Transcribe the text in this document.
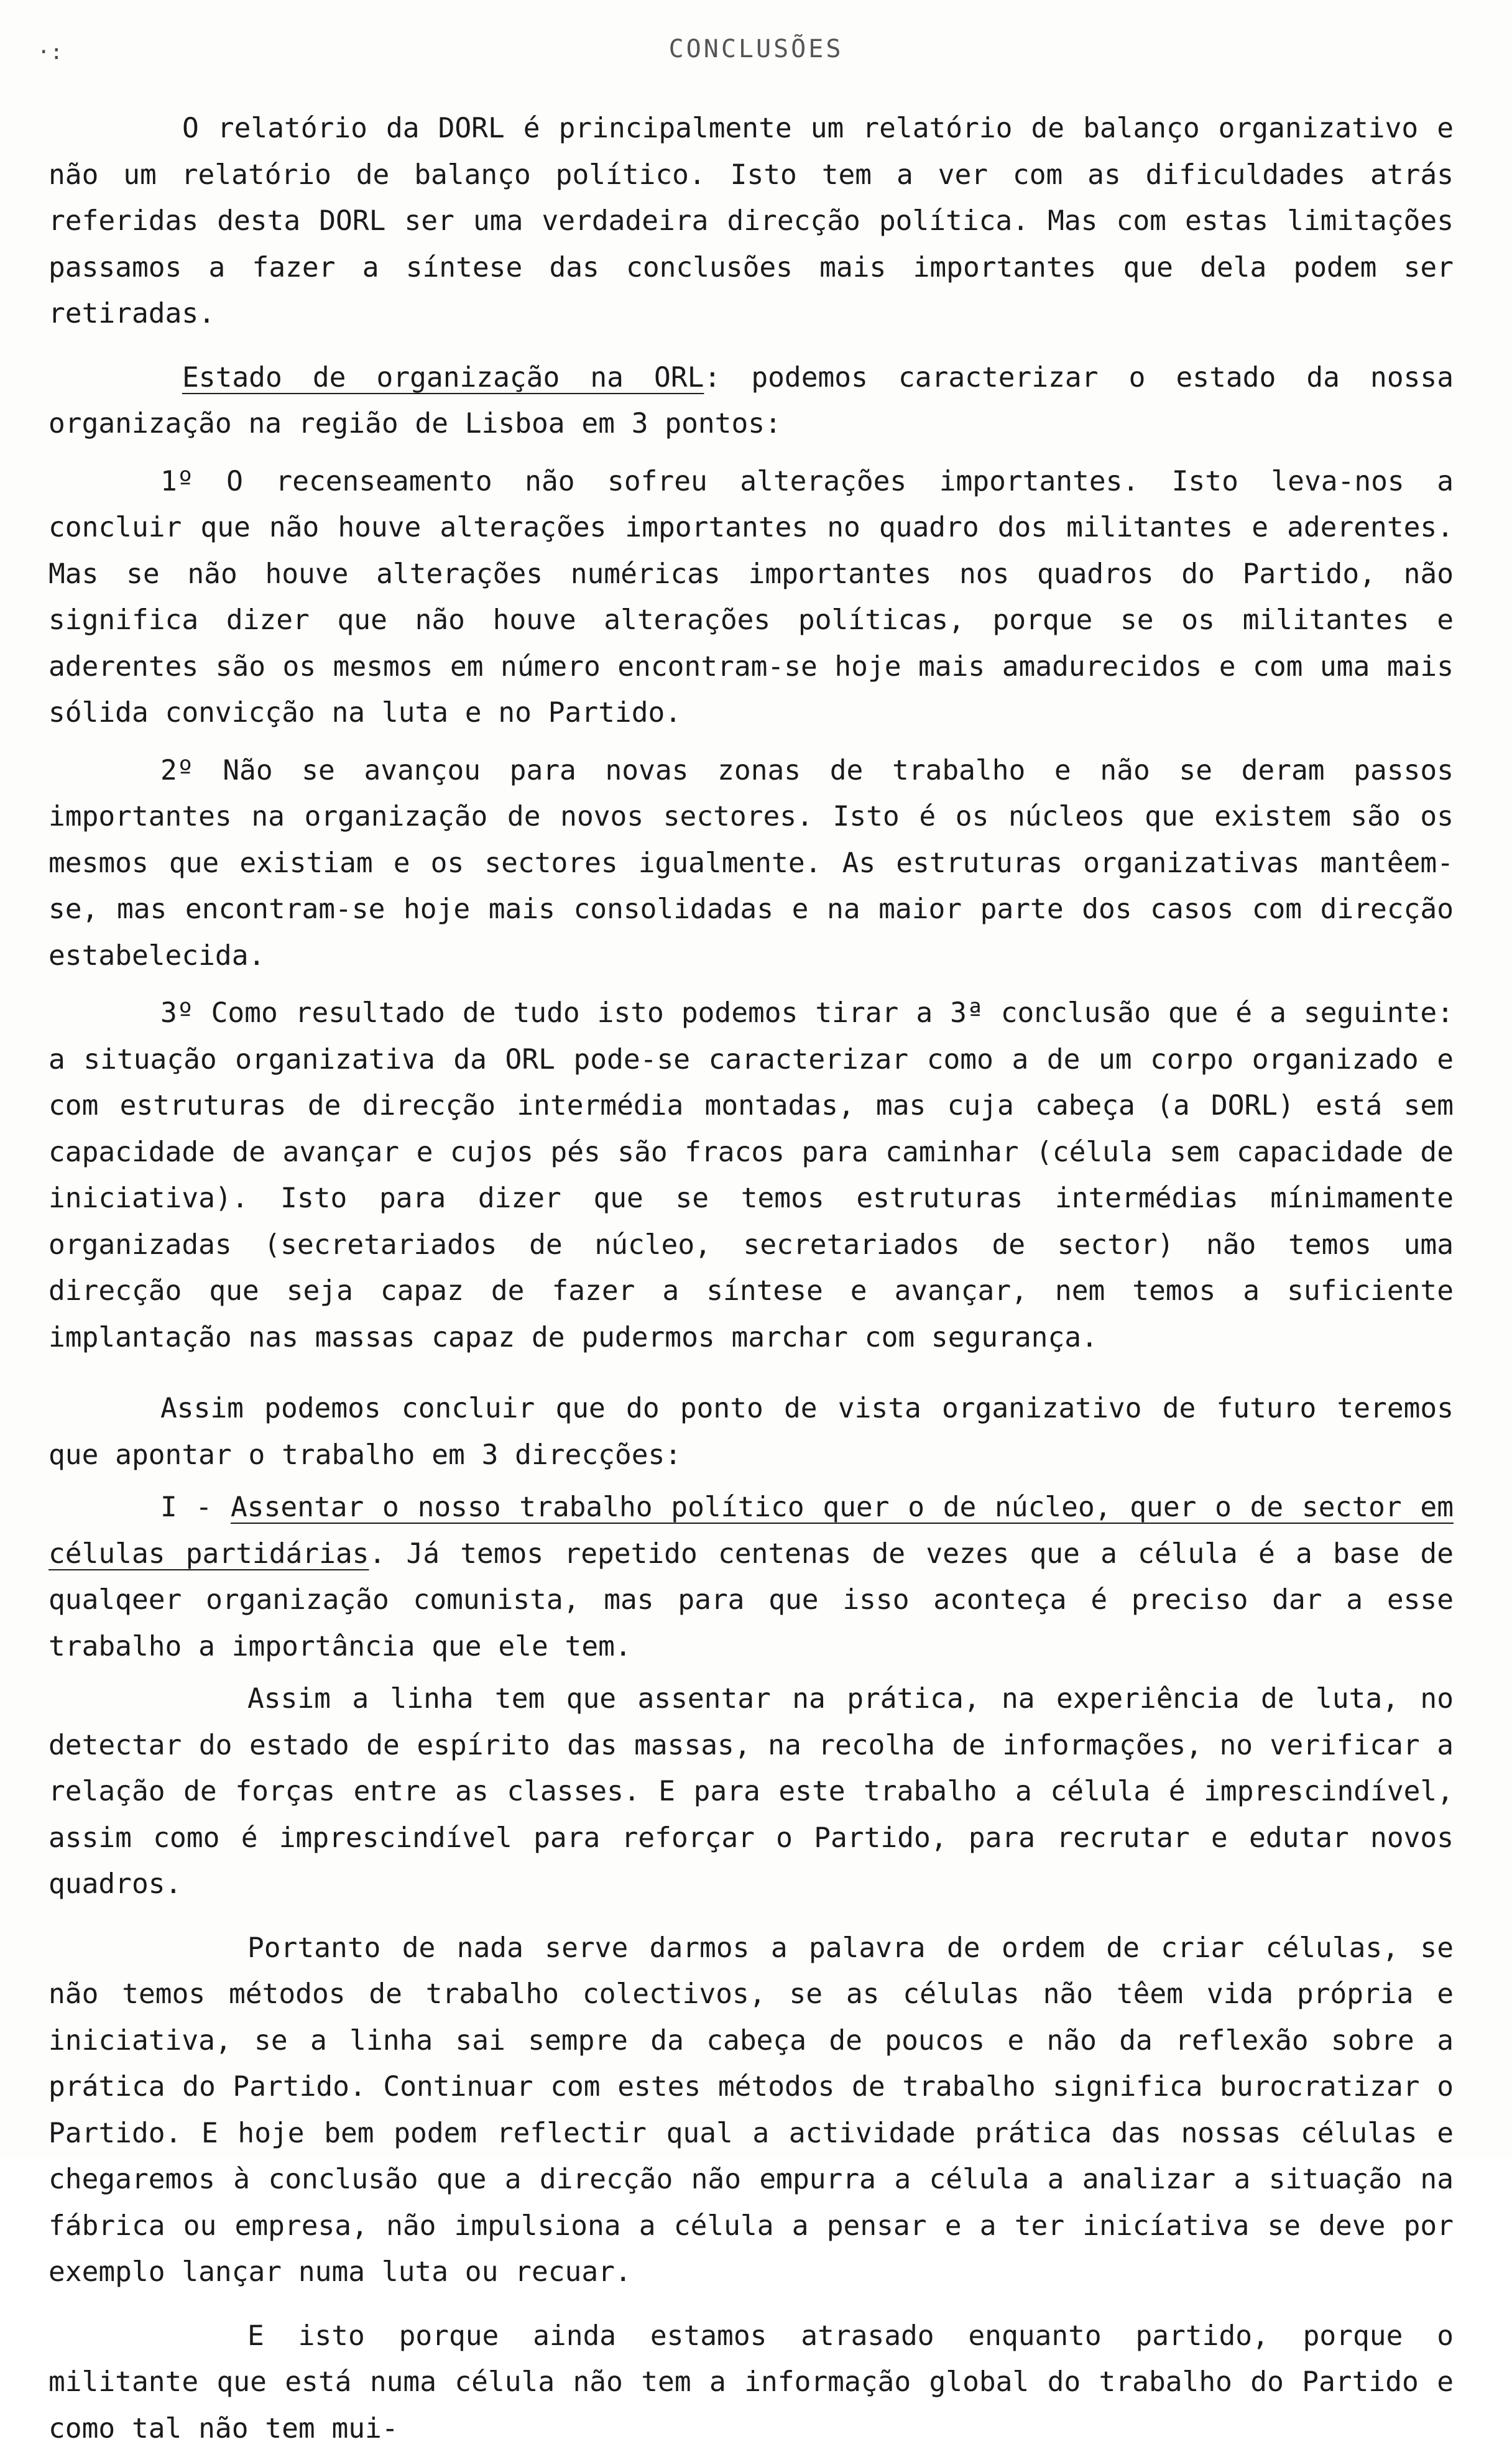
·:	CONCLUSÕES

O relatório da DORL é principalmente um relatório de balanço organizativo e não um relatório de balanço político. Isto tem a ver com as dificuldades atrás referidas desta DORL ser uma verdadeira direcção política. Mas com estas limitações passamos a fazer a síntese das conclusões mais importantes que dela podem ser retiradas.

Estado de organização na ORL: podemos caracterizar o estado da nossa organização na região de Lisboa em 3 pontos:

1º O recenseamento não sofreu alterações importantes. Isto leva-nos a concluir que não houve alterações importantes no quadro dos militantes e aderentes. Mas se não houve alterações numéricas importantes nos quadros do Partido, não significa dizer que não houve alterações políticas, porque se os militantes e aderentes são os mesmos em número encontram-se hoje mais amadurecidos e com uma mais sólida convicção na luta e no Partido.

2º Não se avançou para novas zonas de trabalho e não se deram passos importantes na organização de novos sectores. Isto é os núcleos que existem são os mesmos que existiam e os sectores igualmente. As estruturas organizativas mantêem-se, mas encontram-se hoje mais consolidadas e na maior parte dos casos com direcção estabelecida.

3º Como resultado de tudo isto podemos tirar a 3ª conclusão que é a seguinte: a situação organizativa da ORL pode-se caracterizar como a de um corpo organizado e com estruturas de direcção intermédia montadas, mas cuja cabeça (a DORL) está sem capacidade de avançar e cujos pés são fracos para caminhar (célula sem capacidade de iniciativa). Isto para dizer que se temos estruturas intermédias mínimamente organizadas (secretariados de núcleo, secretariados de sector) não temos uma direcção que seja capaz de fazer a síntese e avançar, nem temos a suficiente implantação nas massas capaz de pudermos marchar com segurança.

Assim podemos concluir que do ponto de vista organizativo de futuro teremos que apontar o trabalho em 3 direcções:

I - Assentar o nosso trabalho político quer o de núcleo, quer o de sector em células partidárias. Já temos repetido centenas de vezes que a célula é a base de qualqeer organização comunista, mas para que isso aconteça é preciso dar a esse trabalho a importância que ele tem.

Assim a linha tem que assentar na prática, na experiência de luta, no detectar do estado de espírito das massas, na recolha de informações, no verificar a relação de forças entre as classes. E para este trabalho a célula é imprescindível, assim como é imprescindível para reforçar o Partido, para recrutar e edutar novos quadros.

Portanto de nada serve darmos a palavra de ordem de criar células, se não temos métodos de trabalho colectivos, se as células não têem vida própria e iniciativa, se a linha sai sempre da cabeça de poucos e não da reflexão sobre a prática do Partido. Continuar com estes métodos de trabalho significa burocratizar o Partido. E hoje bem podem reflectir qual a actividade prática das nossas células e chegaremos à conclusão que a direcção não empurra a célula a analizar a situação na fábrica ou empresa, não impulsiona a célula a pensar e a ter inicíativa se deve por exemplo lançar numa luta ou recuar.

E isto porque ainda estamos atrasado enquanto partido, porque o militante que está numa célula não tem a informação global do trabalho do Partido e como tal não tem mui-
